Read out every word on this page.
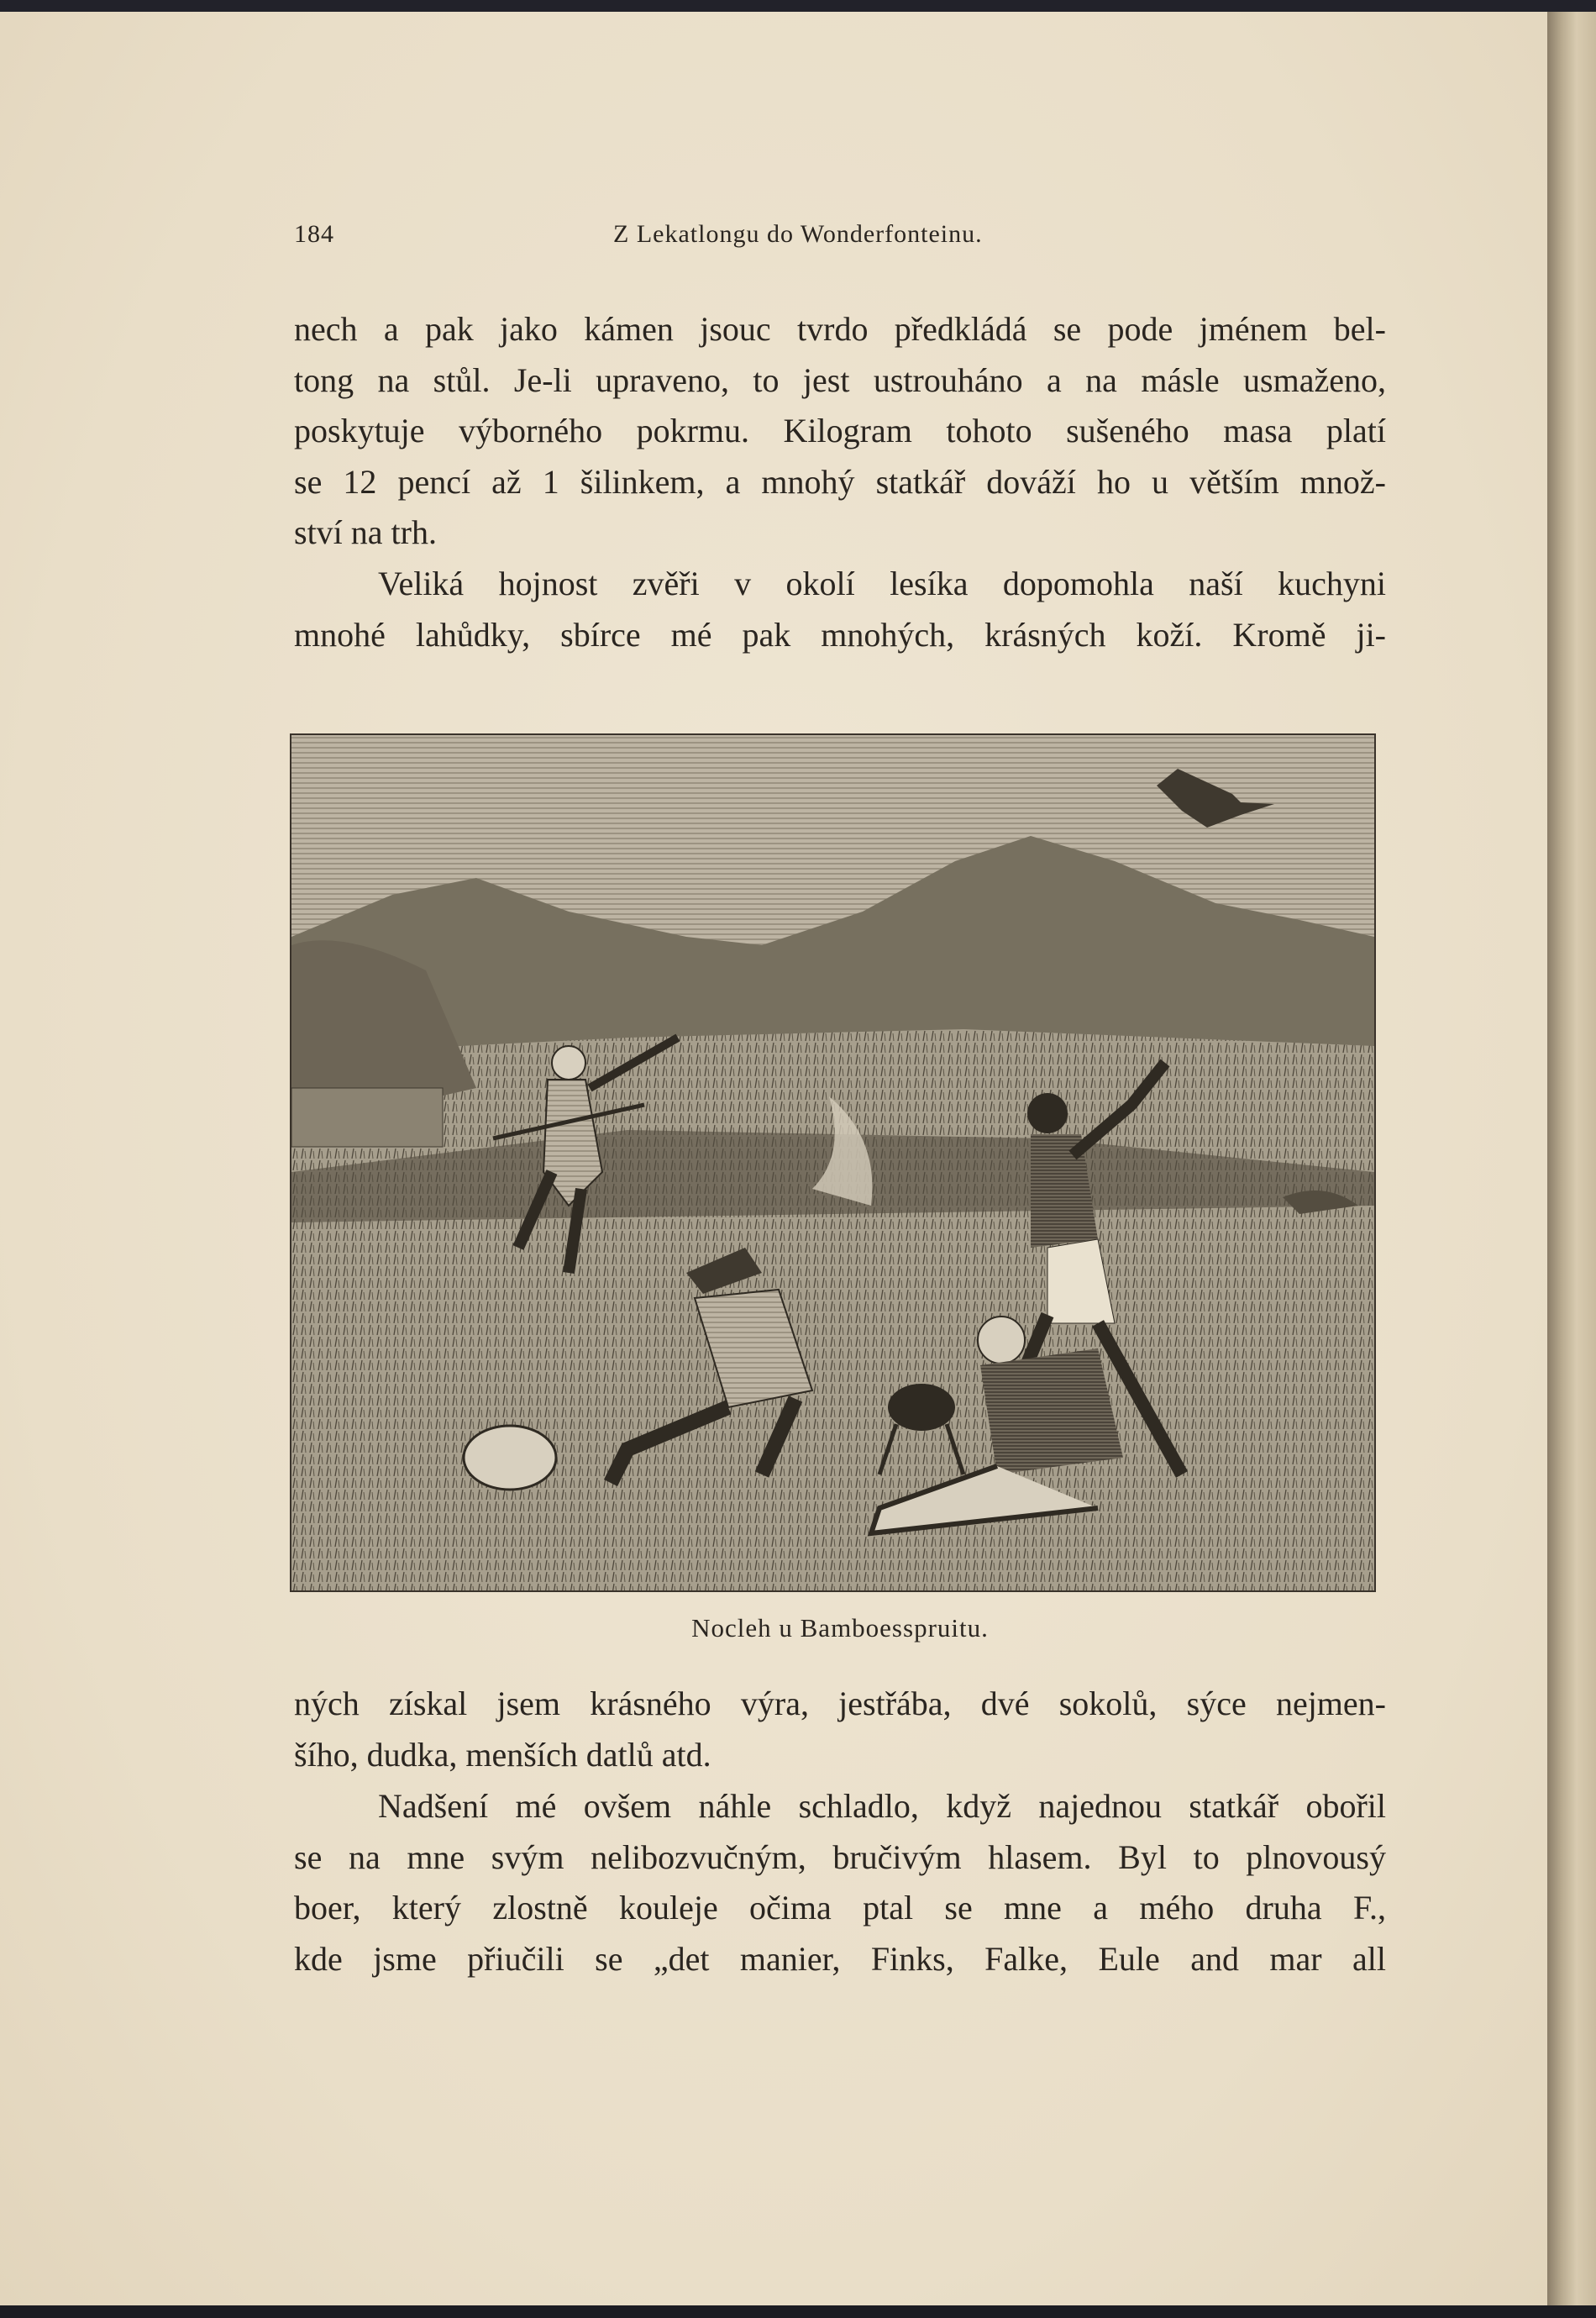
184	Z Lekatlongu do Wonderfonteinu.
nech a pak jako kámen jsouc tvrdo předkládá se pode jménem bel-
tong na stůl. Je-li upraveno, to jest ustrouháno a na másle usmaženo,
poskytuje výborného pokrmu. Kilogram tohoto sušeného masa platí
se 12 pencí až 1 šilinkem, a mnohý statkář dováží ho u větším množ-
ství na trh.
Veliká hojnost zvěři v okolí lesíka dopomohla naší kuchyni
mnohé lahůdky, sbírce mé pak mnohých, krásných koží. Kromě ji-
Nocleh u Bamboesspruitu.
ných získal jsem krásného výra, jestřába, dvé sokolů, sýce nejmen-
šího, dudka, menších datlů atd.
Nadšení mé ovšem náhle schladlo, když najednou statkář obořil
se na mne svým nelibozvučným, bručivým hlasem. Byl to plnovousý
boer, který zlostně kouleje očima ptal se mne a mého druha F.,
kde jsme přiučili se „det manier, Finks, Falke, Eule and mar all
